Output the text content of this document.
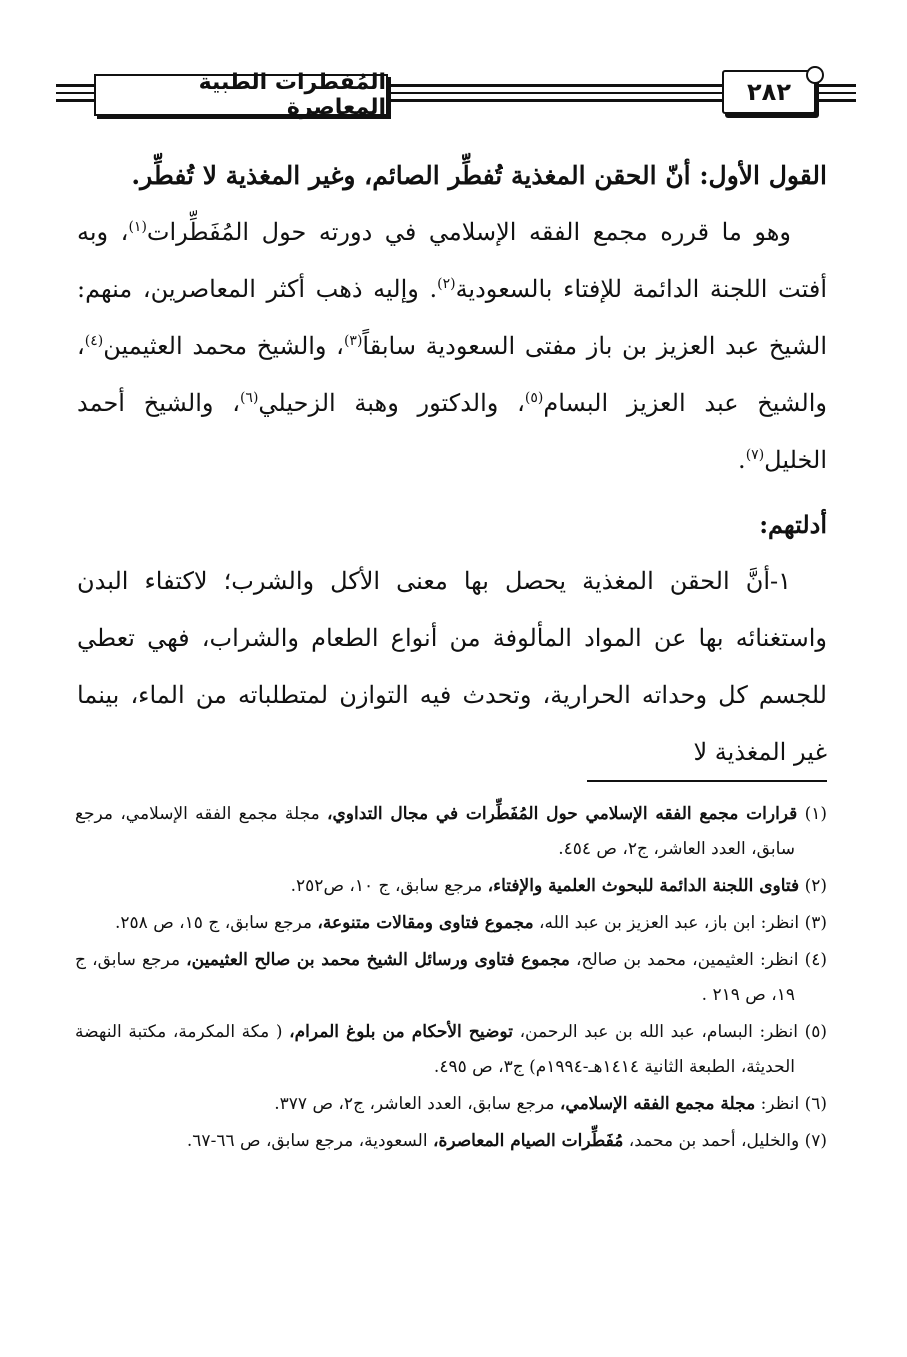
المُفطرات الطبية المعاصرة
٢٨٢

القول الأول: أنّ الحقن المغذية تُفطِّر الصائم، وغير المغذية لا تُفطِّر.

وهو ما قرره مجمع الفقه الإسلامي في دورته حول المُفَطِّرات$^{(١)}$، وبه أفتت اللجنة الدائمة للإفتاء بالسعودية$^{(٢)}$. وإليه ذهب أكثر المعاصرين، منهم: الشيخ عبد العزيز بن باز مفتى السعودية سابقاً$^{(٣)}$، والشيخ محمد العثيمين$^{(٤)}$، والشيخ عبد العزيز البسام$^{(٥)}$، والدكتور وهبة الزحيلي$^{(٦)}$، والشيخ أحمد الخليل$^{(٧)}$.

أدلتهم:

١-أنَّ الحقن المغذية يحصل بها معنى الأكل والشرب؛ لاكتفاء البدن واستغنائه بها عن المواد المألوفة من أنواع الطعام والشراب، فهي تعطي للجسم كل وحداته الحرارية، وتحدث فيه التوازن لمتطلباته من الماء، بينما غير المغذية لا

(١) قرارات مجمع الفقه الإسلامي حول المُفَطِّرات في مجال التداوي، مجلة مجمع الفقه الإسلامي، مرجع سابق، العدد العاشر، ج٢، ص ٤٥٤.

(٢) فتاوى اللجنة الدائمة للبحوث العلمية والإفتاء، مرجع سابق، ج ١٠، ص٢٥٢.

(٣) انظر: ابن باز، عبد العزيز بن عبد الله، مجموع فتاوى ومقالات متنوعة، مرجع سابق، ج ١٥، ص ٢٥٨.

(٤) انظر: العثيمين، محمد بن صالح، مجموع فتاوى ورسائل الشيخ محمد بن صالح العثيمين، مرجع سابق، ج ١٩، ص ٢١٩ .

(٥) انظر: البسام، عبد الله بن عبد الرحمن، توضيح الأحكام من بلوغ المرام، ( مكة المكرمة، مكتبة النهضة الحديثة، الطبعة الثانية ١٤١٤هـ-١٩٩٤م) ج٣، ص ٤٩٥.

(٦) انظر: مجلة مجمع الفقه الإسلامي، مرجع سابق، العدد العاشر، ج٢، ص ٣٧٧.

(٧) والخليل، أحمد بن محمد، مُفَطِّرات الصيام المعاصرة، السعودية، مرجع سابق، ص ٦٦-٦٧.
